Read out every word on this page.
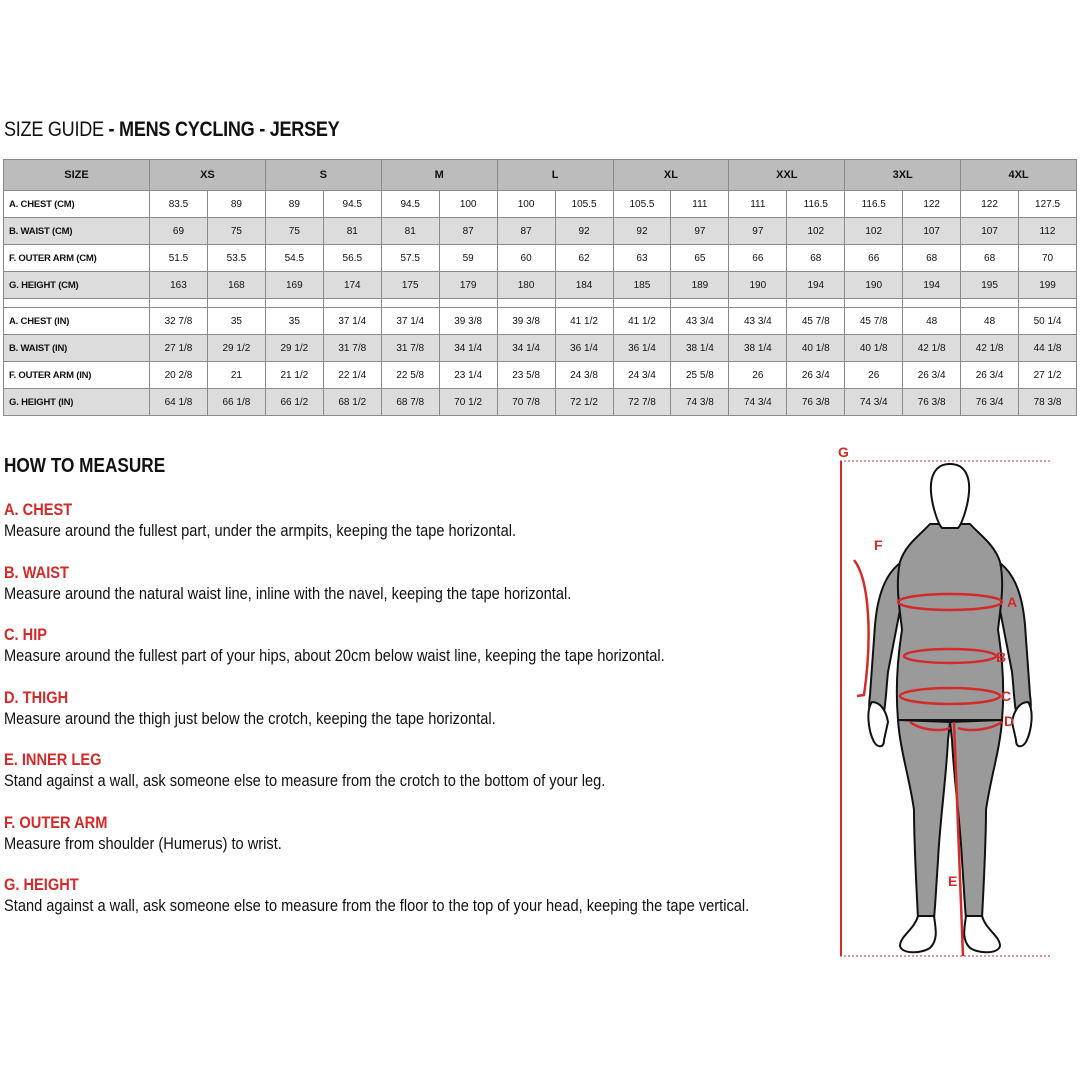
SIZE GUIDE - MENS CYCLING - JERSEY
SIZE	XS		S		M		L		XL		XXL		3XL		4XL	
A. CHEST (CM)	83.5	89	89	94.5	94.5	100	100	105.5	105.5	111	111	116.5	116.5	122	122	127.5
B. WAIST (CM)	69	75	75	81	81	87	87	92	92	97	97	102	102	107	107	112
F. OUTER ARM (CM)	51.5	53.5	54.5	56.5	57.5	59	60	62	63	65	66	68	66	68	68	70
G. HEIGHT (CM)	163	168	169	174	175	179	180	184	185	189	190	194	190	194	195	199

A. CHEST (IN)	32 7/8	35	35	37 1/4	37 1/4	39 3/8	39 3/8	41 1/2	41 1/2	43 3/4	43 3/4	45 7/8	45 7/8	48	48	50 1/4
B. WAIST (IN)	27 1/8	29 1/2	29 1/2	31 7/8	31 7/8	34 1/4	34 1/4	36 1/4	36 1/4	38 1/4	38 1/4	40 1/8	40 1/8	42 1/8	42 1/8	44 1/8
F. OUTER ARM (IN)	20 2/8	21	21 1/2	22 1/4	22 5/8	23 1/4	23 5/8	24 3/8	24 3/4	25 5/8	26	26 3/4	26	26 3/4	26 3/4	27 1/2
G. HEIGHT (IN)	64 1/8	66 1/8	66 1/2	68 1/2	68 7/8	70 1/2	70 7/8	72 1/2	72 7/8	74 3/8	74 3/4	76 3/8	74 3/4	76 3/8	76 3/4	78 3/8
HOW TO MEASURE
A. CHEST
Measure around the fullest part, under the armpits, keeping the tape horizontal.
B. WAIST
Measure around the natural waist line, inline with the navel, keeping the tape horizontal.
C. HIP
Measure around the fullest part of your hips, about 20cm below waist line, keeping the tape horizontal.
D. THIGH
Measure around the thigh just below the crotch, keeping the tape horizontal.
E. INNER LEG
Stand against a wall, ask someone else to measure from the crotch to the bottom of your leg.
F. OUTER ARM
Measure from shoulder (Humerus) to wrist.
G. HEIGHT
Stand against a wall, ask someone else to measure from the floor to the top of your head, keeping the tape vertical.
G
A
B
C
D
E
F
